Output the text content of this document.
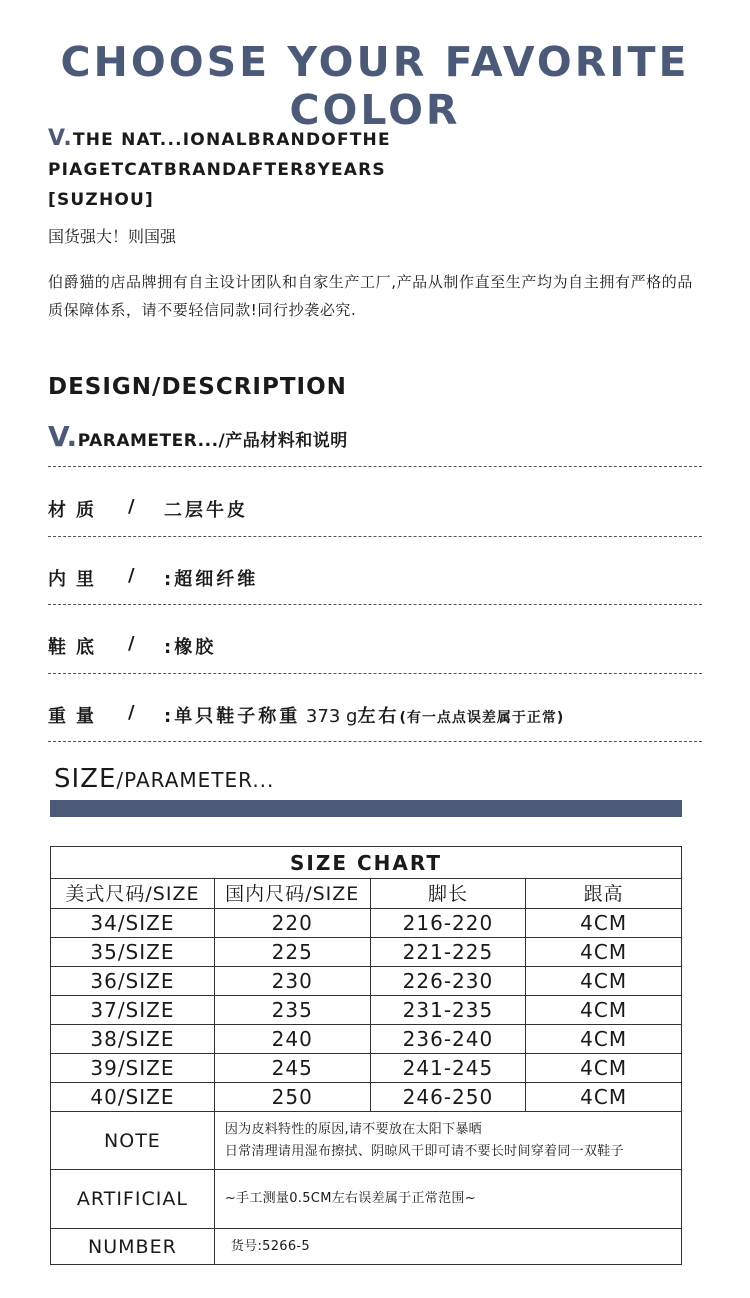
CHOOSE YOUR FAVORITE COLOR
V.THE NAT...IONALBRANDOFTHE PIAGETCATBRANDAFTER8YEARS [SUZHOU]
国货强大！则国强
伯爵猫的店品牌拥有自主设计团队和自家生产工厂,产品从制作直至生产均为自主拥有严格的品质保障体系，请不要轻信同款!同行抄袭必究.
DESIGN/DESCRIPTION
V.PARAMETER.../产品材料和说明
材质 / 二层牛皮
内里 / :超细纤维
鞋底 / :橡胶
重量 / :单只鞋子称重 373 g左右(有一点点误差属于正常)
SIZE/PARAMETER...
SIZE CHART			
美式尺码/SIZE	国内尺码/SIZE	脚长	跟高
34/SIZE	220	216-220	4CM
35/SIZE	225	221-225	4CM
36/SIZE	230	226-230	4CM
37/SIZE	235	231-235	4CM
38/SIZE	240	236-240	4CM
39/SIZE	245	241-245	4CM
40/SIZE	250	246-250	4CM
NOTE	因为皮料特性的原因,请不要放在太阳下暴晒
日常清理请用湿布擦拭、阴晾风干即可请不要长时间穿着同一双鞋子		

ARTIFICIAL	~手工测量0.5CM左右误差属于正常范围~		
NUMBER	货号:5266-5		
